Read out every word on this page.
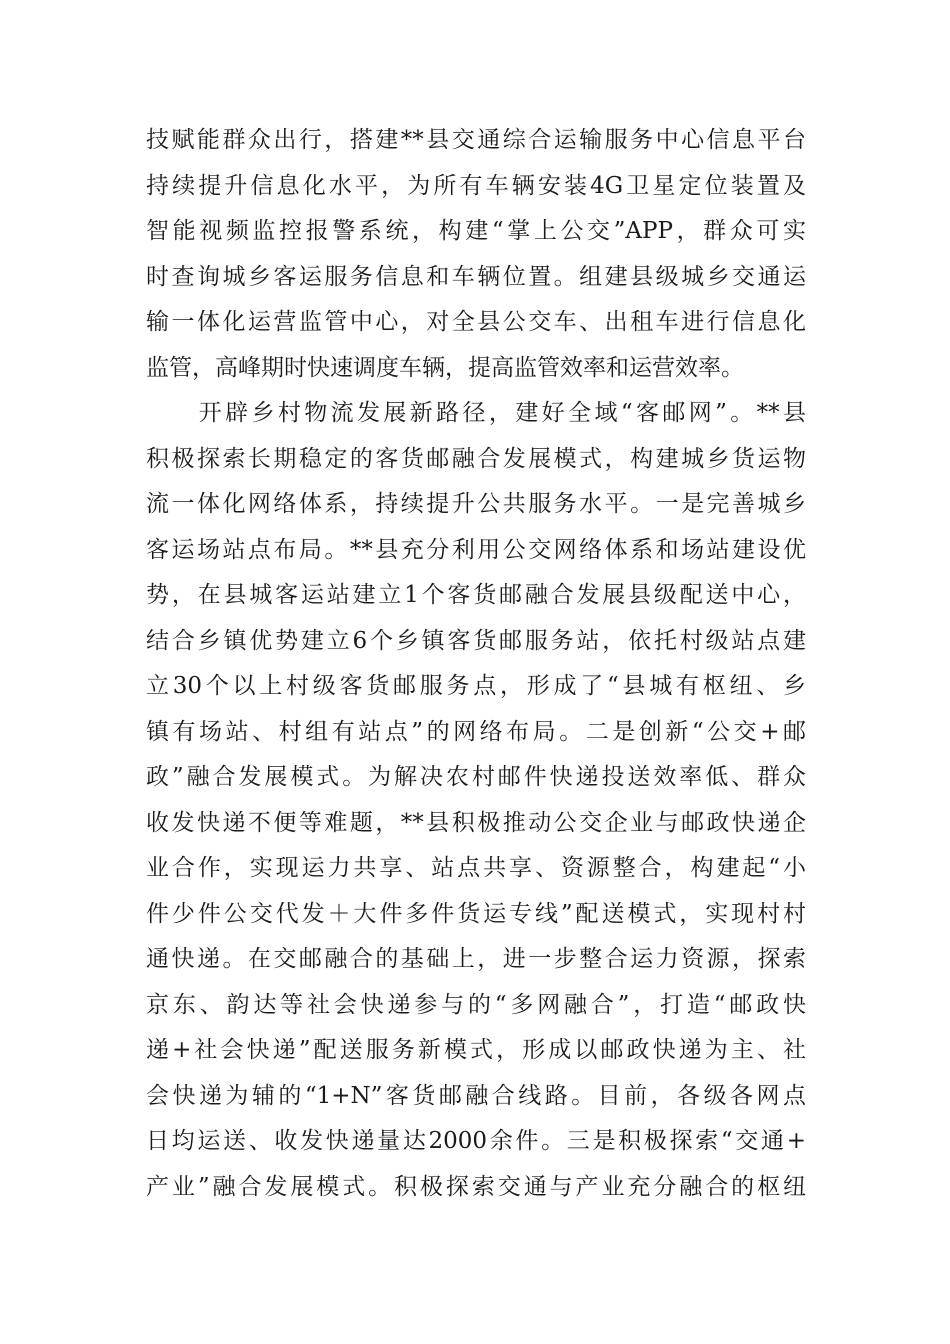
技赋能群众出行，搭建**县交通综合运输服务中心信息平台
持续提升信息化水平，为所有车辆安装4G卫星定位装置及
智能视频监控报警系统，构建“掌上公交”APP，群众可实
时查询城乡客运服务信息和车辆位置。组建县级城乡交通运
输一体化运营监管中心，对全县公交车、出租车进行信息化
监管，高峰期时快速调度车辆，提高监管效率和运营效率。
　　开辟乡村物流发展新路径，建好全域“客邮网”。**县
积极探索长期稳定的客货邮融合发展模式，构建城乡货运物
流一体化网络体系，持续提升公共服务水平。一是完善城乡
客运场站点布局。**县充分利用公交网络体系和场站建设优
势，在县城客运站建立1个客货邮融合发展县级配送中心，
结合乡镇优势建立6个乡镇客货邮服务站，依托村级站点建
立30个以上村级客货邮服务点，形成了“县城有枢纽、乡
镇有场站、村组有站点”的网络布局。二是创新“公交+邮
政”融合发展模式。为解决农村邮件快递投送效率低、群众
收发快递不便等难题，**县积极推动公交企业与邮政快递企
业合作，实现运力共享、站点共享、资源整合，构建起“小
件少件公交代发＋大件多件货运专线”配送模式，实现村村
通快递。在交邮融合的基础上，进一步整合运力资源，探索
京东、韵达等社会快递参与的“多网融合”，打造“邮政快
递+社会快递”配送服务新模式，形成以邮政快递为主、社
会快递为辅的“1+N”客货邮融合线路。目前，各级各网点
日均运送、收发快递量达2000余件。三是积极探索“交通+
产业”融合发展模式。积极探索交通与产业充分融合的枢纽
